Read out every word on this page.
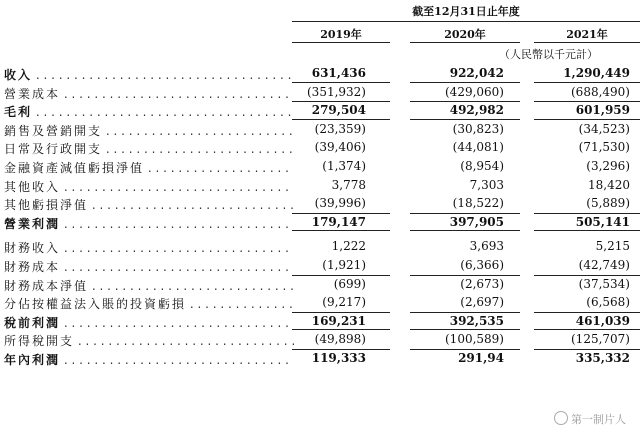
截至12月31日止年度
2019年	2020年	2021年
（人民幣以千元計）
收入 . . .	631,436	922,042	1,290,449
營業成本 . . .	(351,932)	(429,060)	(688,490)
毛利 . . .	279,504	492,982	601,959
銷售及營銷開支 . . .	(23,359)	(30,823)	(34,523)
日常及行政開支 . . .	(39,406)	(44,081)	(71,530)
金融資產減值虧損淨值 . . .	(1,374)	(8,954)	(3,296)
其他收入 . . .	3,778	7,303	18,420
其他虧損淨值 . . .	(39,996)	(18,522)	(5,889)
營業利潤 . . .	179,147	397,905	505,141
財務收入 . . .	1,222	3,693	5,215
財務成本 . . .	(1,921)	(6,366)	(42,749)
財務成本淨值 . . .	(699)	(2,673)	(37,534)
分佔按權益法入賬的投資虧損 . . .	(9,217)	(2,697)	(6,568)
稅前利潤 . . .	169,231	392,535	461,039
所得稅開支 . . .	(49,898)	(100,589)	(125,707)
年內利潤 . . .	119,333	291,94	335,332
第一制片人
